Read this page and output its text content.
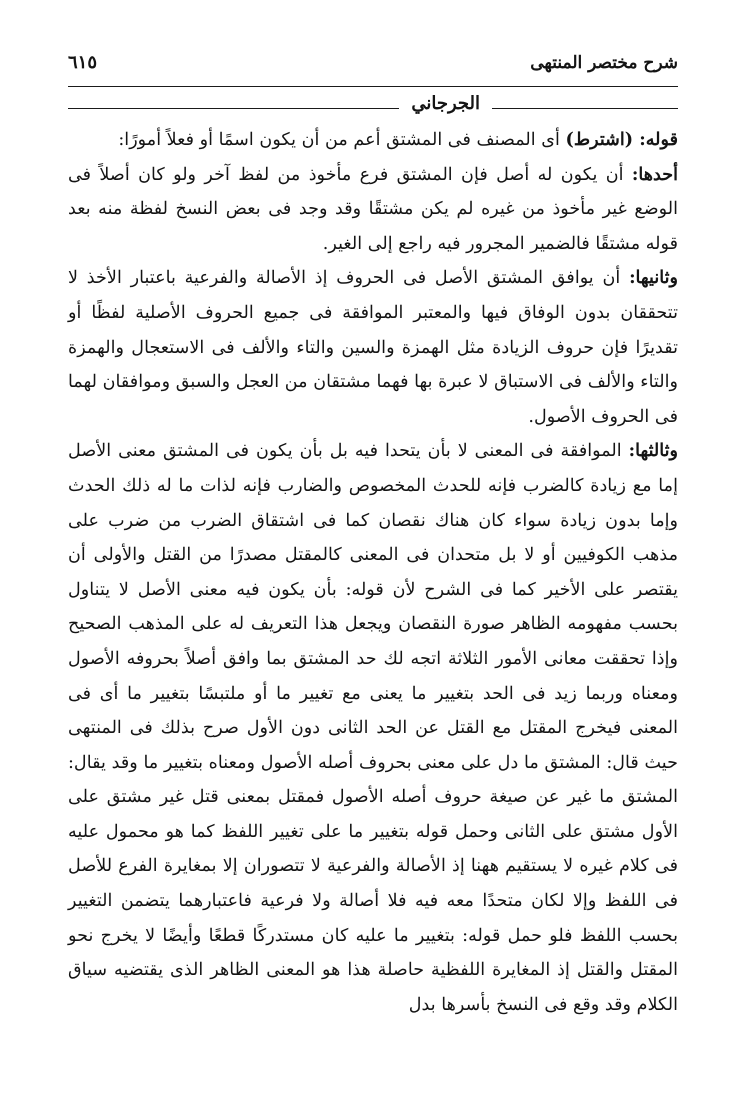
شرح مختصر المنتهى
٦١٥
الجرجاني

قوله: (اشترط) أى المصنف فى المشتق أعم من أن يكون اسمًا أو فعلاً أمورًا:

أحدها: أن يكون له أصل فإن المشتق فرع مأخوذ من لفظ آخر ولو كان أصلاً فى الوضع غير مأخوذ من غيره لم يكن مشتقًا وقد وجد فى بعض النسخ لفظة منه بعد قوله مشتقًا فالضمير المجرور فيه راجع إلى الغير.

وثانيها: أن يوافق المشتق الأصل فى الحروف إذ الأصالة والفرعية باعتبار الأخذ لا تتحققان بدون الوفاق فيها والمعتبر الموافقة فى جميع الحروف الأصلية لفظًا أو تقديرًا فإن حروف الزيادة مثل الهمزة والسين والتاء والألف فى الاستعجال والهمزة والتاء والألف فى الاستباق لا عبرة بها فهما مشتقان من العجل والسبق وموافقان لهما فى الحروف الأصول.

وثالثها: الموافقة فى المعنى لا بأن يتحدا فيه بل بأن يكون فى المشتق معنى الأصل إما مع زيادة كالضرب فإنه للحدث المخصوص والضارب فإنه لذات ما له ذلك الحدث وإما بدون زيادة سواء كان هناك نقصان كما فى اشتقاق الضرب من ضرب على مذهب الكوفيين أو لا بل متحدان فى المعنى كالمقتل مصدرًا من القتل والأولى أن يقتصر على الأخير كما فى الشرح لأن قوله: بأن يكون فيه معنى الأصل لا يتناول بحسب مفهومه الظاهر صورة النقصان ويجعل هذا التعريف له على المذهب الصحيح وإذا تحققت معانى الأمور الثلاثة اتجه لك حد المشتق بما وافق أصلاً بحروفه الأصول ومعناه وربما زيد فى الحد بتغيير ما يعنى مع تغيير ما أو ملتبسًا بتغيير ما أى فى المعنى فيخرج المقتل مع القتل عن الحد الثانى دون الأول صرح بذلك فى المنتهى حيث قال: المشتق ما دل على معنى بحروف أصله الأصول ومعناه بتغيير ما وقد يقال: المشتق ما غير عن صيغة حروف أصله الأصول فمقتل بمعنى قتل غير مشتق على الأول مشتق على الثانى وحمل قوله بتغيير ما على تغيير اللفظ كما هو محمول عليه فى كلام غيره لا يستقيم ههنا إذ الأصالة والفرعية لا تتصوران إلا بمغايرة الفرع للأصل فى اللفظ وإلا لكان متحدًا معه فيه فلا أصالة ولا فرعية فاعتبارهما يتضمن التغيير بحسب اللفظ فلو حمل قوله: بتغيير ما عليه كان مستدركًا قطعًا وأيضًا لا يخرج نحو المقتل والقتل إذ المغايرة اللفظية حاصلة هذا هو المعنى الظاهر الذى يقتضيه سياق الكلام وقد وقع فى النسخ بأسرها بدل
